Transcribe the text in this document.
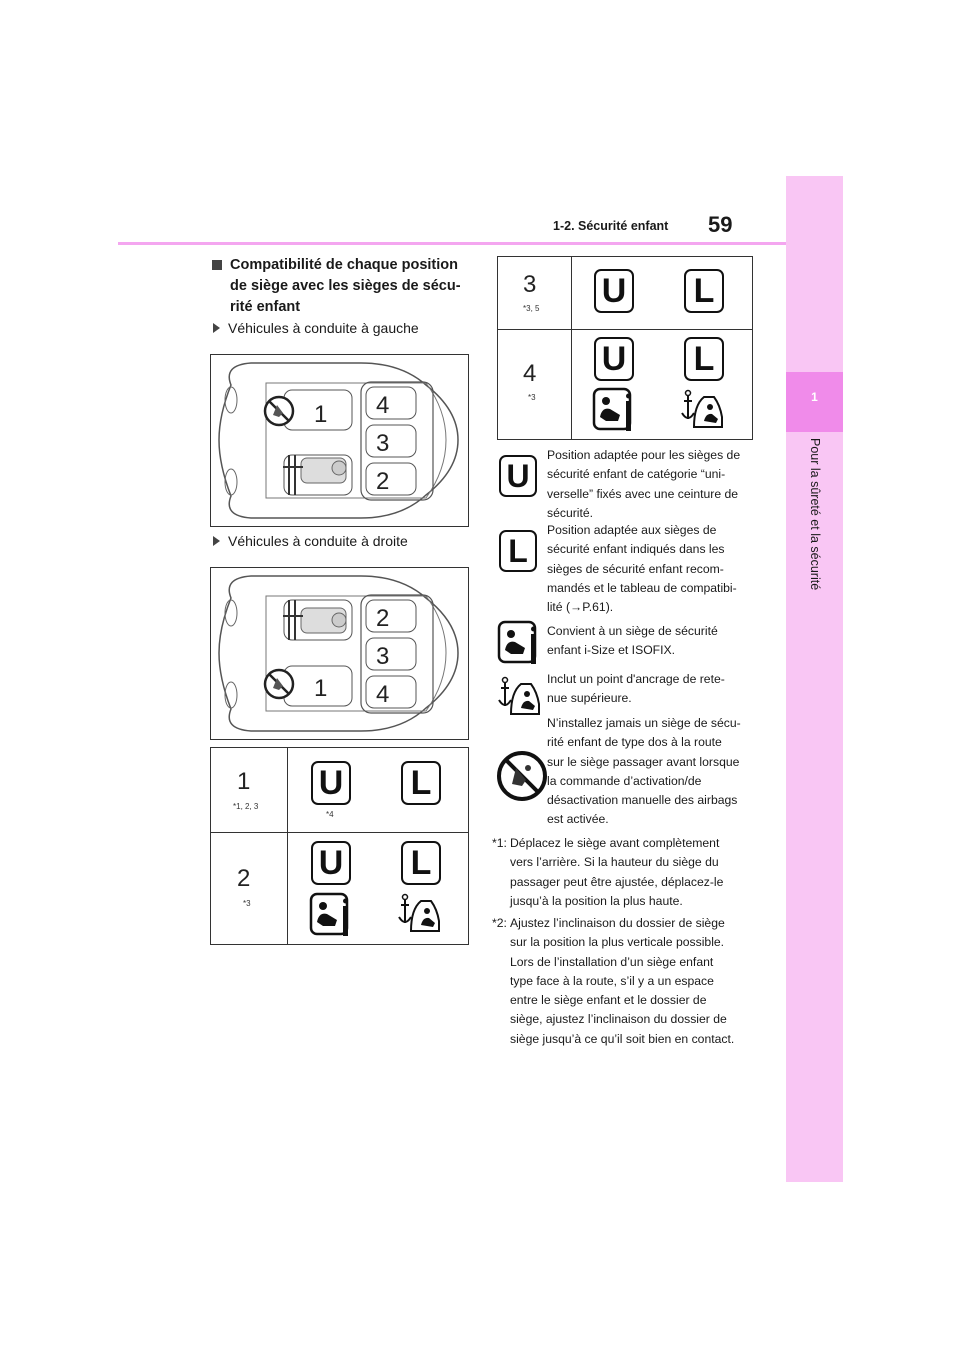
1-2. Sécurité enfant 59
1
Pour la sûreté et la sécurité
Compatibilité de chaque position
de siège avec les sièges de sécu-
rité enfant
Véhicules à conduite à gauche
1 4
3
2
Véhicules à conduite à droite
2
3
1 4
1
*1, 2, 3
U
*4
L
2
*3
U L
3
*3, 5 U L
4
*3
U L
U
Position adaptée pour les sièges de
sécurité enfant de catégorie “uni-
verselle” fixés avec une ceinture de
sécurité.
L
Position adaptée aux sièges de
sécurité enfant indiqués dans les
sièges de sécurité enfant recom-
mandés et le tableau de compatibi-
lité (→P.61).
Convient à un siège de sécurité
enfant i-Size et ISOFIX.
Inclut un point d'ancrage de rete-
nue supérieure.
N’installez jamais un siège de sécu-
rité enfant de type dos à la route
sur le siège passager avant lorsque
la commande d’activation/de
désactivation manuelle des airbags
est activée.
*1: Déplacez le siège avant complètement
vers l’arrière. Si la hauteur du siège du
passager peut être ajustée, déplacez-le
jusqu’à la position la plus haute.
*2: Ajustez l’inclinaison du dossier de siège
sur la position la plus verticale possible.
Lors de l’installation d’un siège enfant
type face à la route, s’il y a un espace
entre le siège enfant et le dossier de
siège, ajustez l’inclinaison du dossier de
siège jusqu’à ce qu’il soit bien en contact.
